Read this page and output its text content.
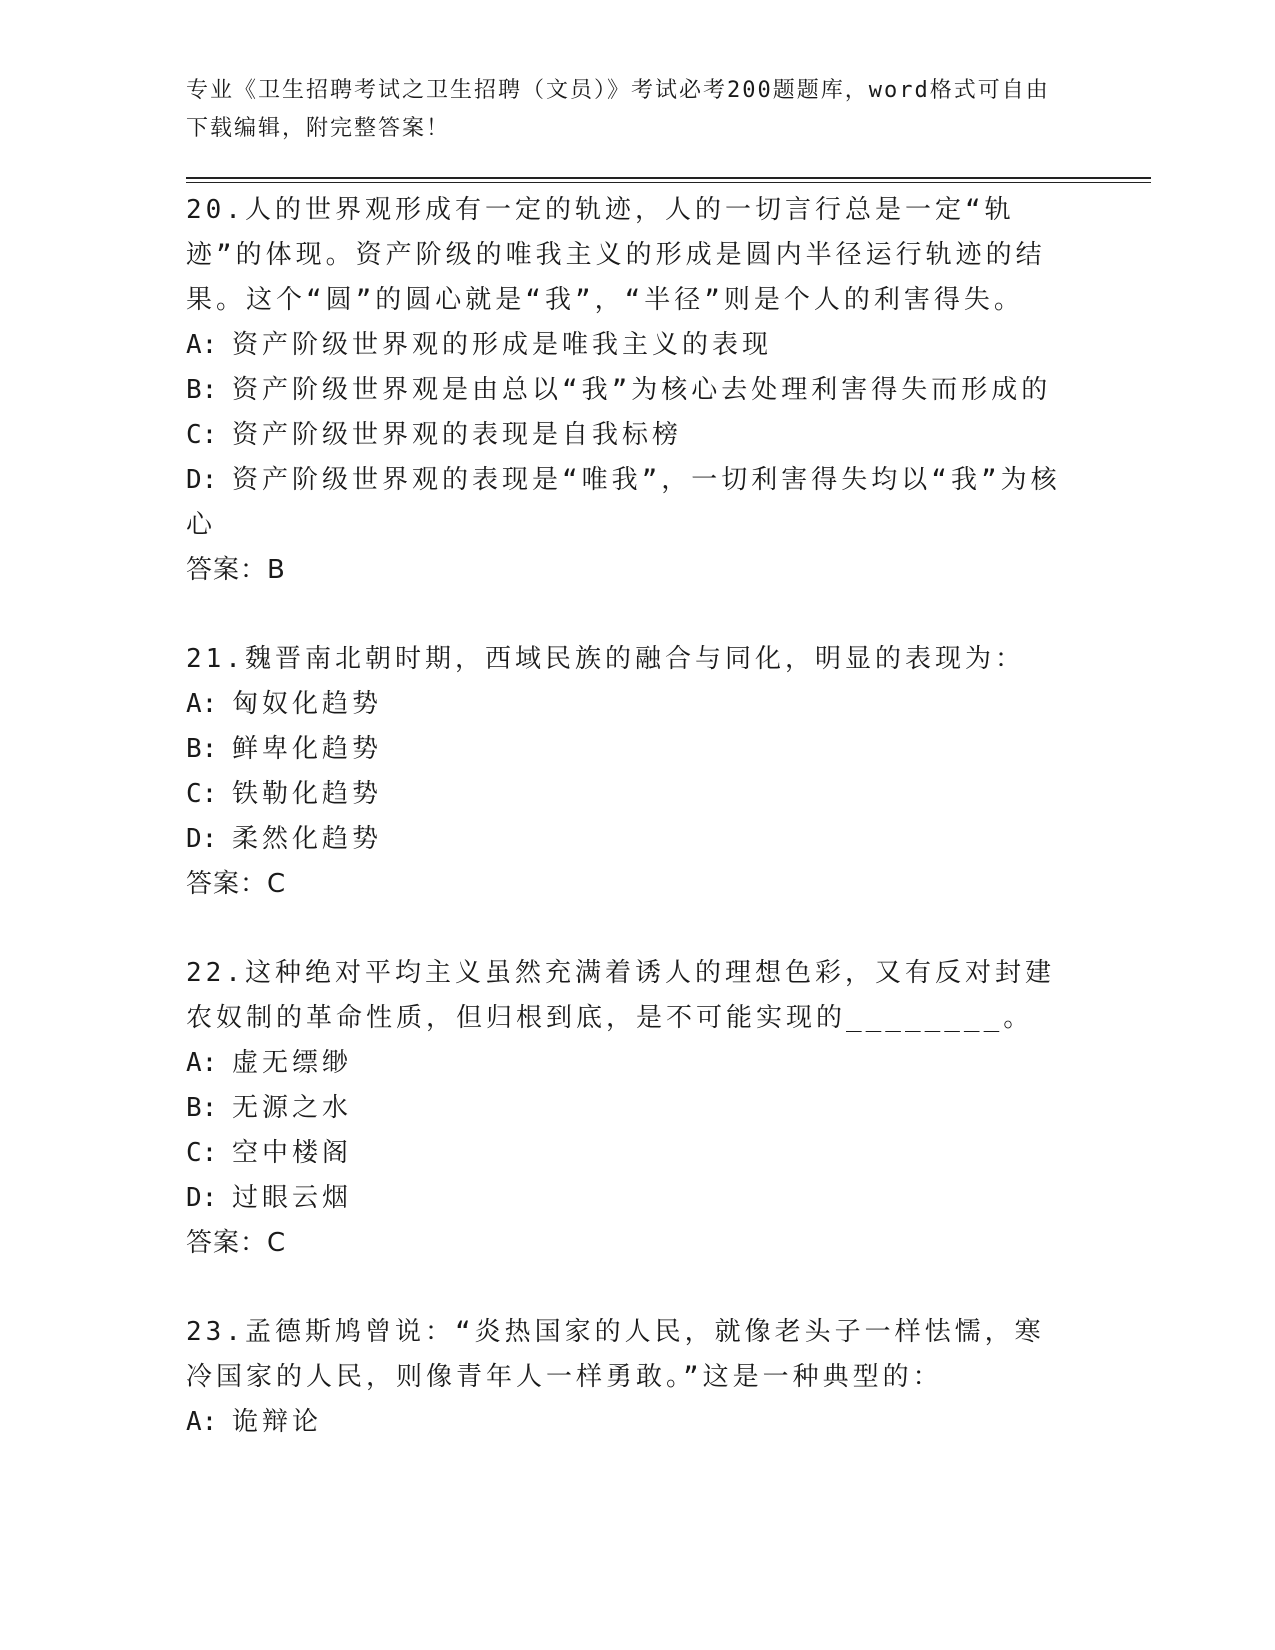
专业《卫生招聘考试之卫生招聘（文员）》考试必考200题题库，word格式可自由下载编辑，附完整答案！
20.人的世界观形成有一定的轨迹，人的一切言行总是一定“轨迹”的体现。资产阶级的唯我主义的形成是圆内半径运行轨迹的结果。这个“圆”的圆心就是“我”，“半径”则是个人的利害得失。
A: 资产阶级世界观的形成是唯我主义的表现
B: 资产阶级世界观是由总以“我”为核心去处理利害得失而形成的
C: 资产阶级世界观的表现是自我标榜
D: 资产阶级世界观的表现是“唯我”，一切利害得失均以“我”为核心
答案：B
21.魏晋南北朝时期，西域民族的融合与同化，明显的表现为：
A: 匈奴化趋势
B: 鲜卑化趋势
C: 铁勒化趋势
D: 柔然化趋势
答案：C
22.这种绝对平均主义虽然充满着诱人的理想色彩，又有反对封建农奴制的革命性质，但归根到底，是不可能实现的________。
A: 虚无缥缈
B: 无源之水
C: 空中楼阁
D: 过眼云烟
答案：C
23.孟德斯鸠曾说：“炎热国家的人民，就像老头子一样怯懦，寒冷国家的人民，则像青年人一样勇敢。”这是一种典型的：
A: 诡辩论
